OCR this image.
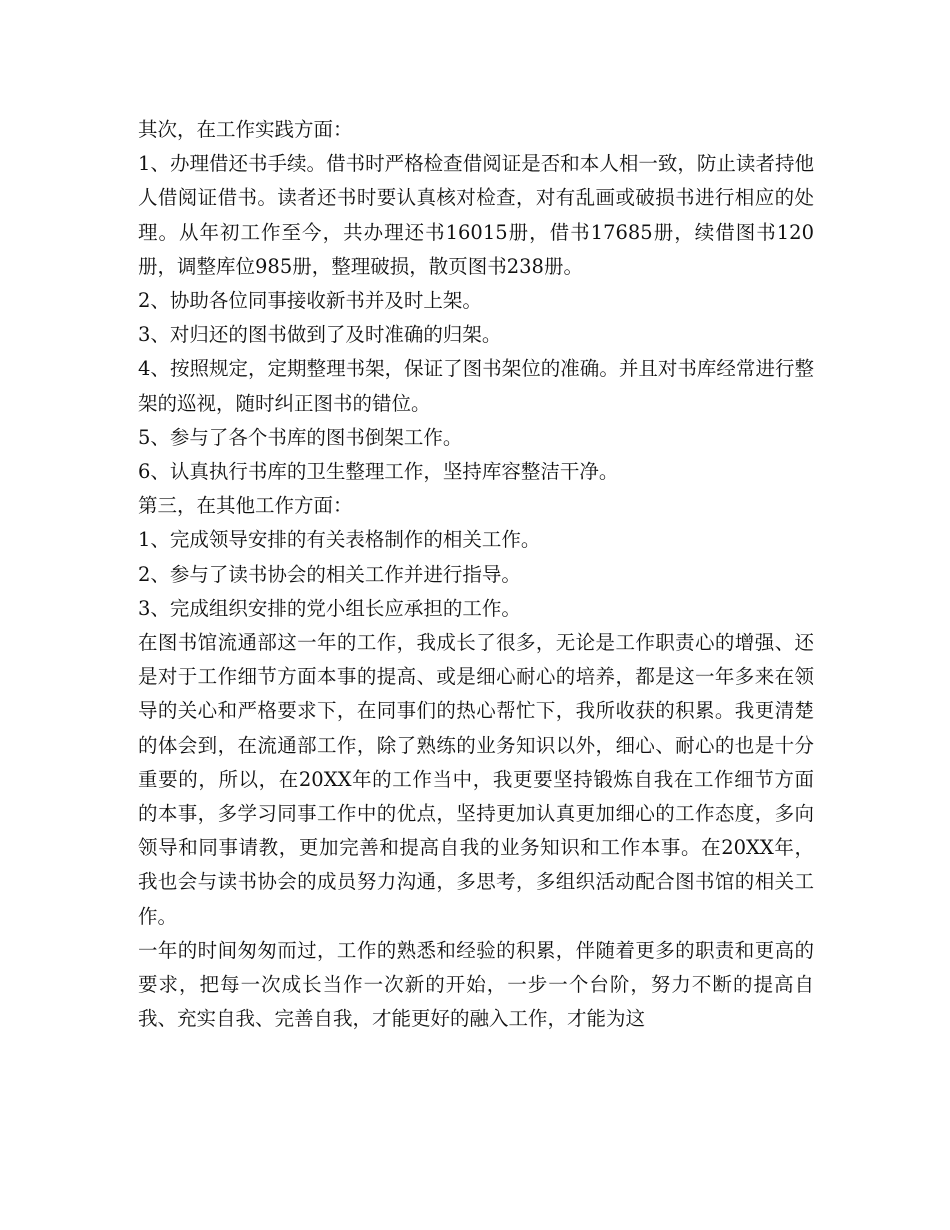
其次，在工作实践方面：

1、办理借还书手续。借书时严格检查借阅证是否和本人相一致，防止读者持他人借阅证借书。读者还书时要认真核对检查，对有乱画或破损书进行相应的处理。从年初工作至今，共办理还书16015册，借书17685册，续借图书120册，调整库位985册，整理破损，散页图书238册。

2、协助各位同事接收新书并及时上架。

3、对归还的图书做到了及时准确的归架。

4、按照规定，定期整理书架，保证了图书架位的准确。并且对书库经常进行整架的巡视，随时纠正图书的错位。

5、参与了各个书库的图书倒架工作。

6、认真执行书库的卫生整理工作，坚持库容整洁干净。

第三，在其他工作方面：

1、完成领导安排的有关表格制作的相关工作。

2、参与了读书协会的相关工作并进行指导。

3、完成组织安排的党小组长应承担的工作。

在图书馆流通部这一年的工作，我成长了很多，无论是工作职责心的增强、还是对于工作细节方面本事的提高、或是细心耐心的培养，都是这一年多来在领导的关心和严格要求下，在同事们的热心帮忙下，我所收获的积累。我更清楚的体会到，在流通部工作，除了熟练的业务知识以外，细心、耐心的也是十分重要的，所以，在20XX年的工作当中，我更要坚持锻炼自我在工作细节方面的本事，多学习同事工作中的优点，坚持更加认真更加细心的工作态度，多向领导和同事请教，更加完善和提高自我的业务知识和工作本事。在20XX年，我也会与读书协会的成员努力沟通，多思考，多组织活动配合图书馆的相关工作。

一年的时间匆匆而过，工作的熟悉和经验的积累，伴随着更多的职责和更高的要求，把每一次成长当作一次新的开始，一步一个台阶，努力不断的提高自我、充实自我、完善自我，才能更好的融入工作，才能为这
